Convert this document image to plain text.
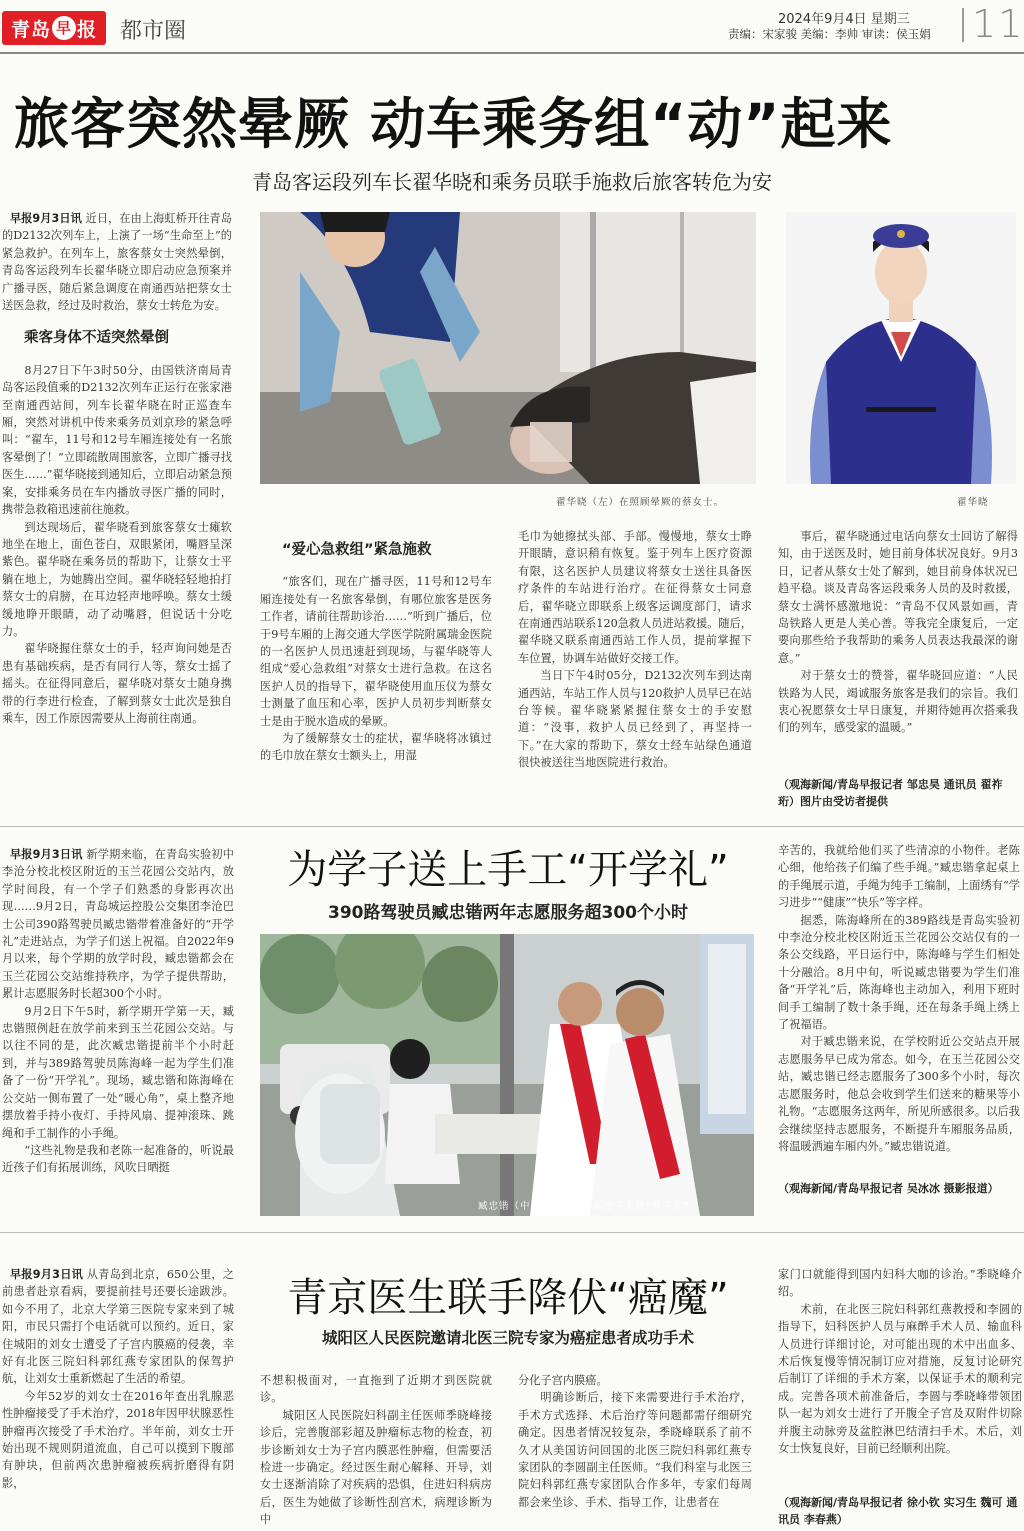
青岛 早 报 都市圈	2024年9月4日 星期三
责编：宋家骏 美编：李帅 审读：侯玉娟 11
旅客突然晕厥 动车乘务组“动”起来
青岛客运段列车长翟华晓和乘务员联手施救后旅客转危为安

早报9月3日讯 近日，在由上海虹桥开往青岛的D2132次列车上，上演了一场“生命至上”的紧急救护。在列车上，旅客蔡女士突然晕倒，青岛客运段列车长翟华晓立即启动应急预案并广播寻医，随后紧急调度在南通西站把蔡女士送医急救，经过及时救治，蔡女士转危为安。

乘客身体不适突然晕倒

8月27日下午3时50分，由国铁济南局青岛客运段值乘的D2132次列车正运行在张家港至南通西站间，列车长翟华晓在时正巡查车厢，突然对讲机中传来乘务员刘京珍的紧急呼叫：“翟车，11号和12号车厢连接处有一名旅客晕倒了！”立即疏散周围旅客，立即广播寻找医生……”翟华晓接到通知后，立即启动紧急预案，安排乘务员在车内播放寻医广播的同时，携带急救箱迅速前往施救。

到达现场后，翟华晓看到旅客蔡女士瘫软地坐在地上，面色苍白，双眼紧闭，嘴唇呈深紫色。翟华晓在乘务员的帮助下，让蔡女士平躺在地上，为她腾出空间。翟华晓轻轻地拍打蔡女士的肩膀，在耳边轻声地呼唤。蔡女士缓缓地睁开眼睛，动了动嘴唇，但说话十分吃力。

翟华晓握住蔡女士的手，轻声询问她是否患有基础疾病，是否有同行人等，蔡女士摇了摇头。在征得同意后，翟华晓对蔡女士随身携带的行李进行检查，了解到蔡女士此次是独自乘车，因工作原因需要从上海前往南通。

翟华晓（左）在照顾晕厥的蔡女士。	翟华晓
“爱心急救组”紧急施救

“旅客们，现在广播寻医，11号和12号车厢连接处有一名旅客晕倒，有哪位旅客是医务工作者，请前往帮助诊治……”听到广播后，位于9号车厢的上海交通大学医学院附属瑞金医院的一名医护人员迅速赶到现场，与翟华晓等人组成“爱心急救组”对蔡女士进行急救。在这名医护人员的指导下，翟华晓使用血压仪为蔡女士测量了血压和心率，医护人员初步判断蔡女士是由于脱水造成的晕厥。

为了缓解蔡女士的症状，翟华晓将冰镇过的毛巾放在蔡女士额头上，用湿

毛巾为她擦拭头部、手部。慢慢地，蔡女士睁开眼睛，意识稍有恢复。鉴于列车上医疗资源有限，这名医护人员建议将蔡女士送往具备医疗条件的车站进行治疗。在征得蔡女士同意后，翟华晓立即联系上级客运调度部门，请求在南通西站联系120急救人员进站救援。随后，翟华晓又联系南通西站工作人员，提前掌握下车位置，协调车站做好交接工作。

当日下午4时05分，D2132次列车到达南通西站，车站工作人员与120救护人员早已在站台等候。翟华晓紧紧握住蔡女士的手安慰道：“没事，救护人员已经到了，再坚持一下。”在大家的帮助下，蔡女士经车站绿色通道很快被送往当地医院进行救治。

事后，翟华晓通过电话向蔡女士回访了解得知，由于送医及时，她目前身体状况良好。9月3日，记者从蔡女士处了解到，她目前身体状况已趋平稳。谈及青岛客运段乘务人员的及时救援，蔡女士满怀感激地说：“青岛不仅风景如画，青岛铁路人更是人美心善。等我完全康复后，一定要向那些给予我帮助的乘务人员表达我最深的谢意。”

对于蔡女士的赞誉，翟华晓回应道：“人民铁路为人民，竭诚服务旅客是我们的宗旨。我们衷心祝愿蔡女士早日康复，并期待她再次搭乘我们的列车，感受家的温暖。”

（观海新闻/青岛早报记者 邹忠昊 通讯员 翟祚珩）图片由受访者提供

早报9月3日讯 新学期来临，在青岛实验初中李沧分校北校区附近的玉兰花园公交站内，放学时间段，有一个学子们熟悉的身影再次出现……9月2日，青岛城运控股公交集团李沧巴士公司390路驾驶员臧忠锴带着准备好的“开学礼”走进站点，为学子们送上祝福。自2022年9月以来，每个学期的放学时段，臧忠锴都会在玉兰花园公交站维持秩序，为学子提供帮助，累计志愿服务时长超300个小时。

9月2日下午5时，新学期开学第一天，臧忠锴照例赶在放学前来到玉兰花园公交站。与以往不同的是，此次臧忠锴提前半个小时赶到，并与389路驾驶员陈海峰一起为学生们准备了一份“开学礼”。现场，臧忠锴和陈海峰在公交站一侧布置了一处“暖心角”，桌上整齐地摆放着手持小夜灯、手持风扇、提神滚珠、跳绳和手工制作的小手绳。

“这些礼物是我和老陈一起准备的，听说最近孩子们有拓展训练，风吹日晒挺

为学子送上手工“开学礼”
390路驾驶员臧忠锴两年志愿服务超300个小时
臧忠锴（中）和陈海峰一起给学生送“开学礼”。

辛苦的，我就给他们买了些清凉的小物件。老陈心细，他给孩子们编了些手绳。”臧忠锴拿起桌上的手绳展示道，手绳为纯手工编制，上面绣有“学习进步”“健康”“快乐”等字样。

据悉，陈海峰所在的389路线是青岛实验初中李沧分校北校区附近玉兰花园公交站仅有的一条公交线路，平日运行中，陈海峰与学生们相处十分融洽。8月中旬，听说臧忠锴要为学生们准备“开学礼”后，陈海峰也主动加入，利用下班时间手工编制了数十条手绳，还在每条手绳上绣上了祝福语。

对于臧忠锴来说，在学校附近公交站点开展志愿服务早已成为常态。如今，在玉兰花园公交站，臧忠锴已经志愿服务了300多个小时，每次志愿服务时，他总会收到学生们送来的糖果等小礼物。“志愿服务这两年，所见所感很多。以后我会继续坚持志愿服务，不断提升车厢服务品质，将温暖洒遍车厢内外。”臧忠锴说道。

（观海新闻/青岛早报记者 吴冰冰 摄影报道）

早报9月3日讯 从青岛到北京，650公里，之前患者赴京看病，要提前挂号还要长途跋涉。如今不用了，北京大学第三医院专家来到了城阳，市民只需打个电话就可以预约。近日，家住城阳的刘女士遭受了子宫内膜癌的侵袭，幸好有北医三院妇科郭红燕专家团队的保驾护航，让刘女士重新燃起了生活的希望。

今年52岁的刘女士在2016年查出乳腺恶性肿瘤接受了手术治疗，2018年因甲状腺恶性肿瘤再次接受了手术治疗。半年前，刘女士开始出现不规则阴道流血，自己可以摸到下腹部有肿块，但前两次患肿瘤被疾病折磨得有阴影，

青京医生联手降伏“癌魔”
城阳区人民医院邀请北医三院专家为癌症患者成功手术

不想积极面对，一直拖到了近期才到医院就诊。

城阳区人民医院妇科副主任医师季晓峰接诊后，完善腹部彩超及肿瘤标志物的检查，初步诊断刘女士为子宫内膜恶性肿瘤，但需要活检进一步确定。经过医生耐心解释、开导，刘女士逐渐消除了对疾病的恐惧，住进妇科病房后，医生为她做了诊断性刮宫术，病理诊断为中

分化子宫内膜癌。

明确诊断后，接下来需要进行手术治疗，手术方式选择、术后治疗等问题都需仔细研究确定。因患者情况较复杂，季晓峰联系了前不久才从美国访问回国的北医三院妇科郭红燕专家团队的李圆副主任医师。“我们科室与北医三院妇科郭红燕专家团队合作多年，专家们每周都会来坐诊、手术、指导工作，让患者在

家门口就能得到国内妇科大咖的诊治。”季晓峰介绍。

术前，在北医三院妇科郭红燕教授和李圆的指导下，妇科医护人员与麻醉手术人员、输血科人员进行详细讨论，对可能出现的术中出血多、术后恢复慢等情况制订应对措施，反复讨论研究后制订了详细的手术方案，以保证手术的顺利完成。完善各项术前准备后，李圆与季晓峰带领团队一起为刘女士进行了开腹全子宫及双附件切除并腹主动脉旁及盆腔淋巴结清扫手术。术后，刘女士恢复良好，目前已经顺利出院。

（观海新闻/青岛早报记者 徐小钦 实习生 魏可 通讯员 李春燕）
